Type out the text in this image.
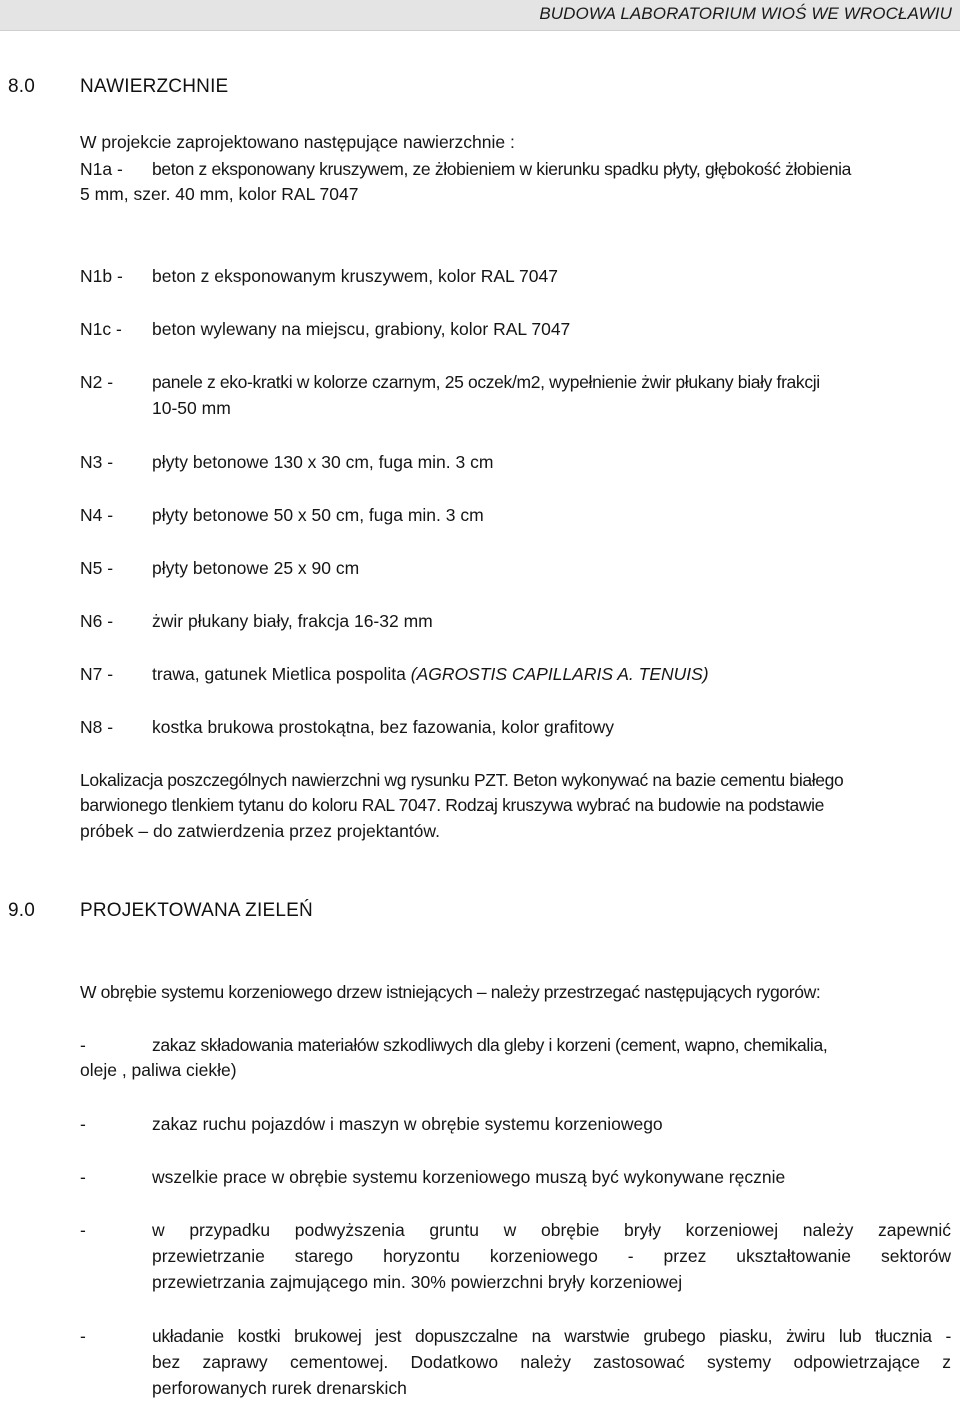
BUDOWA LABORATORIUM WIOŚ WE WROCŁAWIU
8.0 NAWIERZCHNIE
W projekcie zaprojektowano następujące nawierzchnie :
N1a - beton z eksponowany kruszywem, ze żłobieniem w kierunku spadku płyty, głębokość żłobienia
5 mm, szer. 40 mm, kolor RAL 7047
N1b - beton z eksponowanym kruszywem, kolor RAL 7047
N1c - beton wylewany na miejscu, grabiony, kolor RAL 7047
N2 - panele z eko-kratki w kolorze czarnym, 25 oczek/m2, wypełnienie żwir płukany biały frakcji
10-50 mm
N3 - płyty betonowe 130 x 30 cm, fuga min. 3 cm
N4 - płyty betonowe 50 x 50 cm, fuga min. 3 cm
N5 - płyty betonowe 25 x 90 cm
N6 - żwir płukany biały, frakcja 16-32 mm
N7 - trawa, gatunek Mietlica pospolita (AGROSTIS CAPILLARIS A. TENUIS)
N8 - kostka brukowa prostokątna, bez fazowania, kolor grafitowy
Lokalizacja poszczególnych nawierzchni wg rysunku PZT. Beton wykonywać na bazie cementu białego
barwionego tlenkiem tytanu do koloru RAL 7047. Rodzaj kruszywa wybrać na budowie na podstawie
próbek – do zatwierdzenia przez projektantów.
9.0 PROJEKTOWANA ZIELEŃ
W obrębie systemu korzeniowego drzew istniejących – należy przestrzegać następujących rygorów:
-	zakaz składowania materiałów szkodliwych dla gleby i korzeni (cement, wapno, chemikalia,
oleje , paliwa ciekłe)
-	zakaz ruchu pojazdów i maszyn w obrębie systemu korzeniowego
-	wszelkie prace w obrębie systemu korzeniowego muszą być wykonywane ręcznie
-	w przypadku podwyższenia gruntu w obrębie bryły korzeniowej należy zapewnić
przewietrzanie starego horyzontu korzeniowego - przez ukształtowanie sektorów
przewietrzania zajmującego min. 30% powierzchni bryły korzeniowej
-	układanie kostki brukowej jest dopuszczalne na warstwie grubego piasku, żwiru lub tłucznia -
bez zaprawy cementowej. Dodatkowo należy zastosować systemy odpowietrzające z
perforowanych rurek drenarskich
